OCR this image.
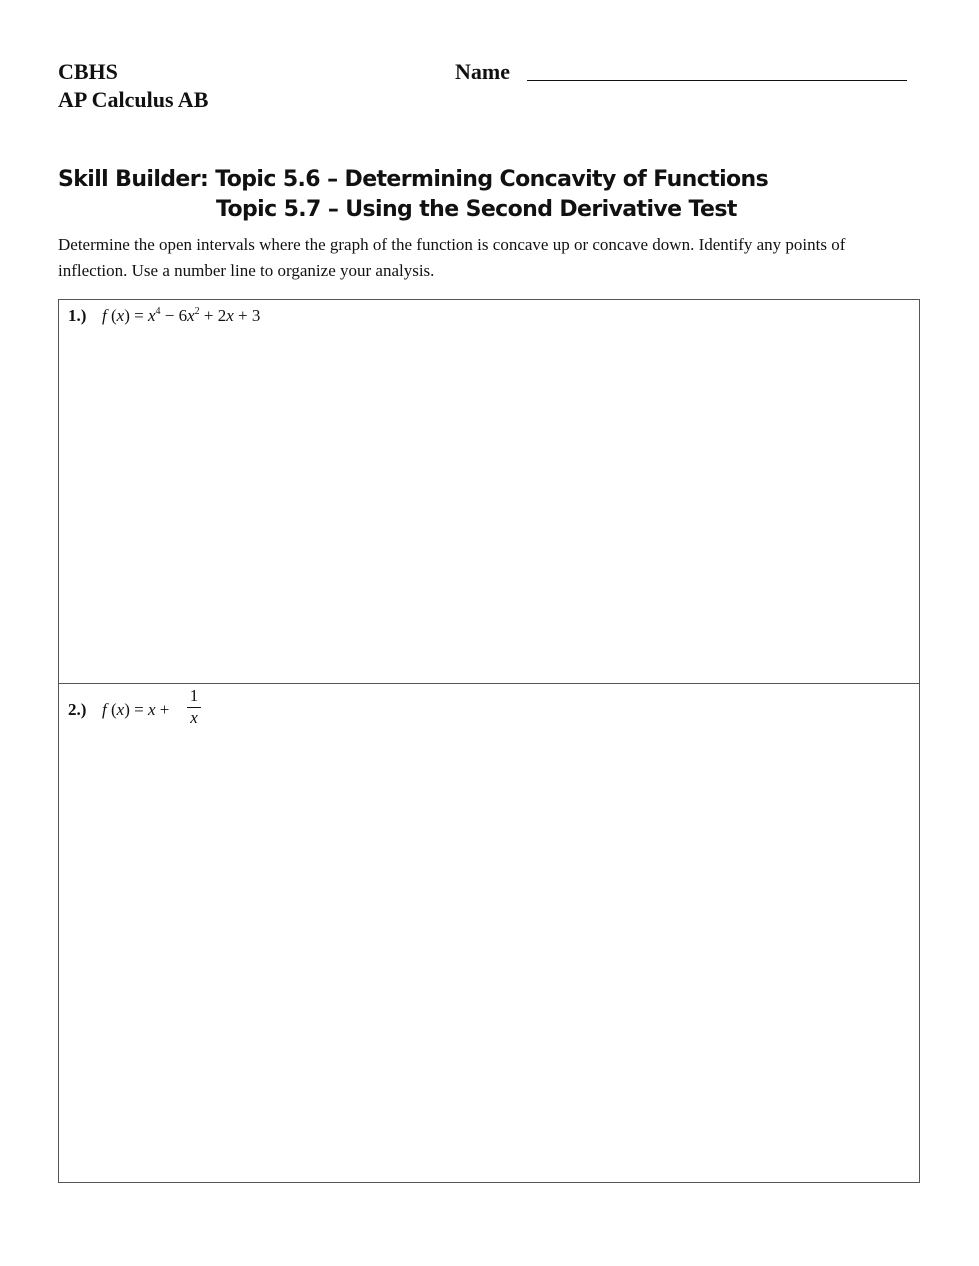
CBHS
AP Calculus AB
Name
Skill Builder: Topic 5.6 – Determining Concavity of Functions
Topic 5.7 – Using the Second Derivative Test
Determine the open intervals where the graph of the function is concave up or concave down. Identify any points of inflection. Use a number line to organize your analysis.
1.) f $(x) = x^4 - 6x^2 + 2x + 3$
2.) f (x) = x +
1
x
